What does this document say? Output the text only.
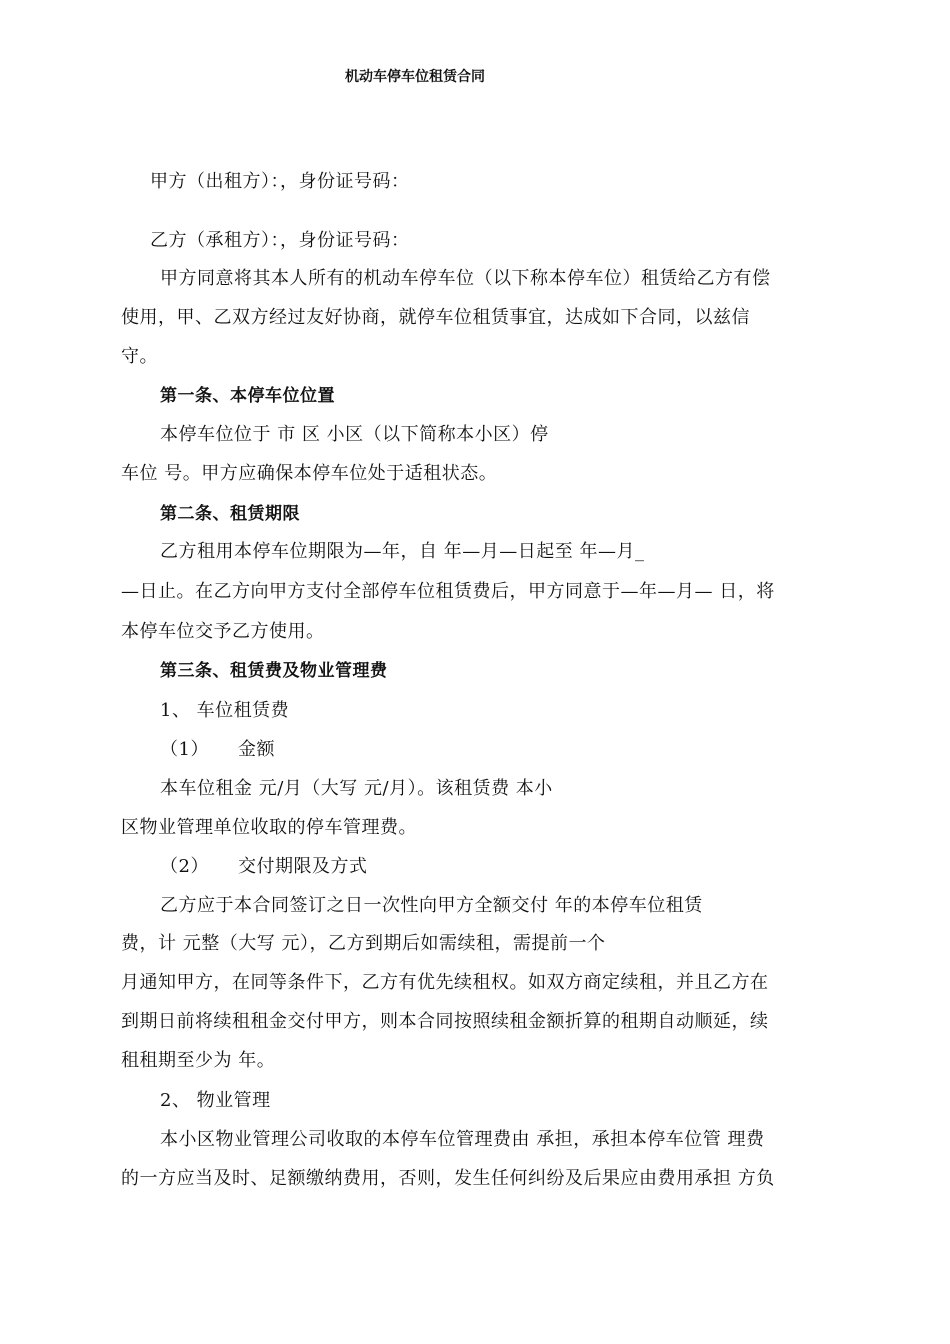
机动车停车位租赁合同
甲方（出租方）：，身份证号码：
乙方（承租方）：，身份证号码：
甲方同意将其本人所有的机动车停车位（以下称本停车位）租赁给乙方有偿
使用，甲、乙双方经过友好协商，就停车位租赁事宜，达成如下合同，以兹信
守。
第一条、本停车位位置
本停车位位于 市 区 小区（以下简称本小区）停
车位 号。甲方应确保本停车位处于适租状态。
第二条、租赁期限
乙方租用本停车位期限为—年，自 年—月—日起至 年—月_
—日止。在乙方向甲方支付全部停车位租赁费后，甲方同意于—年—月— 日，将
本停车位交予乙方使用。
第三条、租赁费及物业管理费
1、 车位租赁费
（1） 金额
本车位租金 元/月（大写 元/月）。该租赁费 本小
区物业管理单位收取的停车管理费。
（2） 交付期限及方式
乙方应于本合同签订之日一次性向甲方全额交付 年的本停车位租赁
费，计 元整（大写 元），乙方到期后如需续租，需提前一个
月通知甲方，在同等条件下，乙方有优先续租权。如双方商定续租，并且乙方在
到期日前将续租租金交付甲方，则本合同按照续租金额折算的租期自动顺延，续
租租期至少为 年。
2、 物业管理
本小区物业管理公司收取的本停车位管理费由 承担，承担本停车位管 理费
的一方应当及时、足额缴纳费用，否则，发生任何纠纷及后果应由费用承担 方负
